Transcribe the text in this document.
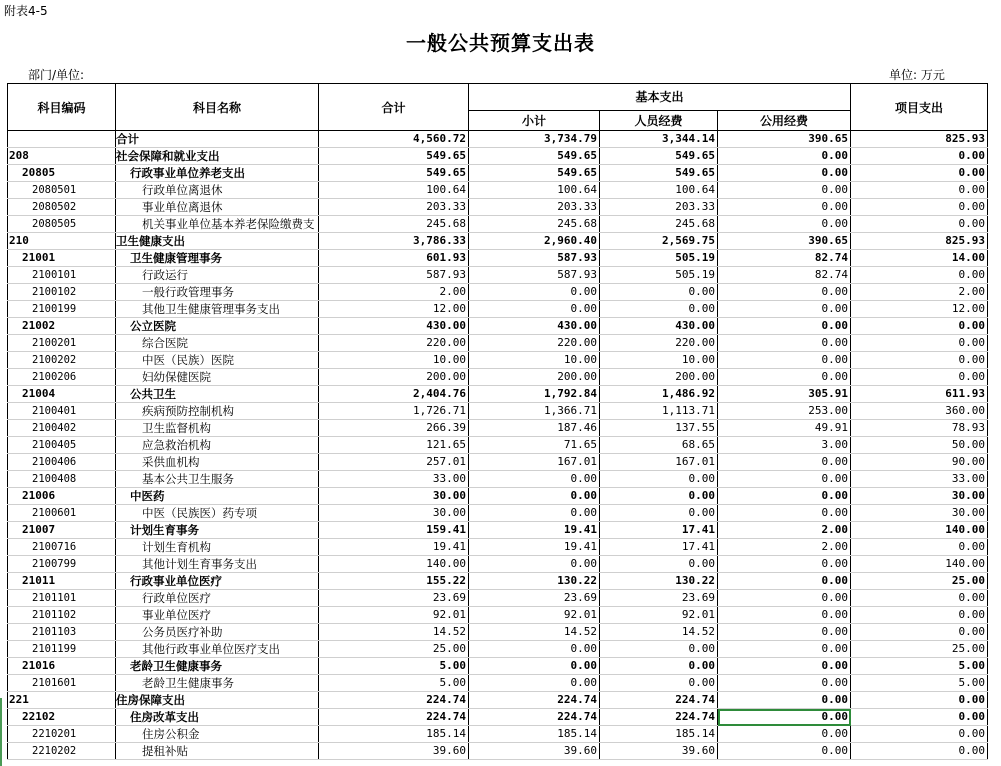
附表4-5
一般公共预算支出表
部门/单位:	单位: 万元
科目编码	科目名称	合计	基本支出			项目支出
			小计	人员经费	公用经费	
	合计	4,560.72	3,734.79	3,344.14	390.65	825.93
208	社会保障和就业支出	549.65	549.65	549.65	0.00	0.00
20805	行政事业单位养老支出	549.65	549.65	549.65	0.00	0.00
2080501	行政单位离退休	100.64	100.64	100.64	0.00	0.00
2080502	事业单位离退休	203.33	203.33	203.33	0.00	0.00
2080505	机关事业单位基本养老保险缴费支	245.68	245.68	245.68	0.00	0.00
210	卫生健康支出	3,786.33	2,960.40	2,569.75	390.65	825.93
21001	卫生健康管理事务	601.93	587.93	505.19	82.74	14.00
2100101	行政运行	587.93	587.93	505.19	82.74	0.00
2100102	一般行政管理事务	2.00	0.00	0.00	0.00	2.00
2100199	其他卫生健康管理事务支出	12.00	0.00	0.00	0.00	12.00
21002	公立医院	430.00	430.00	430.00	0.00	0.00
2100201	综合医院	220.00	220.00	220.00	0.00	0.00
2100202	中医（民族）医院	10.00	10.00	10.00	0.00	0.00
2100206	妇幼保健医院	200.00	200.00	200.00	0.00	0.00
21004	公共卫生	2,404.76	1,792.84	1,486.92	305.91	611.93
2100401	疾病预防控制机构	1,726.71	1,366.71	1,113.71	253.00	360.00
2100402	卫生监督机构	266.39	187.46	137.55	49.91	78.93
2100405	应急救治机构	121.65	71.65	68.65	3.00	50.00
2100406	采供血机构	257.01	167.01	167.01	0.00	90.00
2100408	基本公共卫生服务	33.00	0.00	0.00	0.00	33.00
21006	中医药	30.00	0.00	0.00	0.00	30.00
2100601	中医（民族医）药专项	30.00	0.00	0.00	0.00	30.00
21007	计划生育事务	159.41	19.41	17.41	2.00	140.00
2100716	计划生育机构	19.41	19.41	17.41	2.00	0.00
2100799	其他计划生育事务支出	140.00	0.00	0.00	0.00	140.00
21011	行政事业单位医疗	155.22	130.22	130.22	0.00	25.00
2101101	行政单位医疗	23.69	23.69	23.69	0.00	0.00
2101102	事业单位医疗	92.01	92.01	92.01	0.00	0.00
2101103	公务员医疗补助	14.52	14.52	14.52	0.00	0.00
2101199	其他行政事业单位医疗支出	25.00	0.00	0.00	0.00	25.00
21016	老龄卫生健康事务	5.00	0.00	0.00	0.00	5.00
2101601	老龄卫生健康事务	5.00	0.00	0.00	0.00	5.00
221	住房保障支出	224.74	224.74	224.74	0.00	0.00
22102	住房改革支出	224.74	224.74	224.74	0.00	0.00
2210201	住房公积金	185.14	185.14	185.14	0.00	0.00
2210202	提租补贴	39.60	39.60	39.60	0.00	0.00
